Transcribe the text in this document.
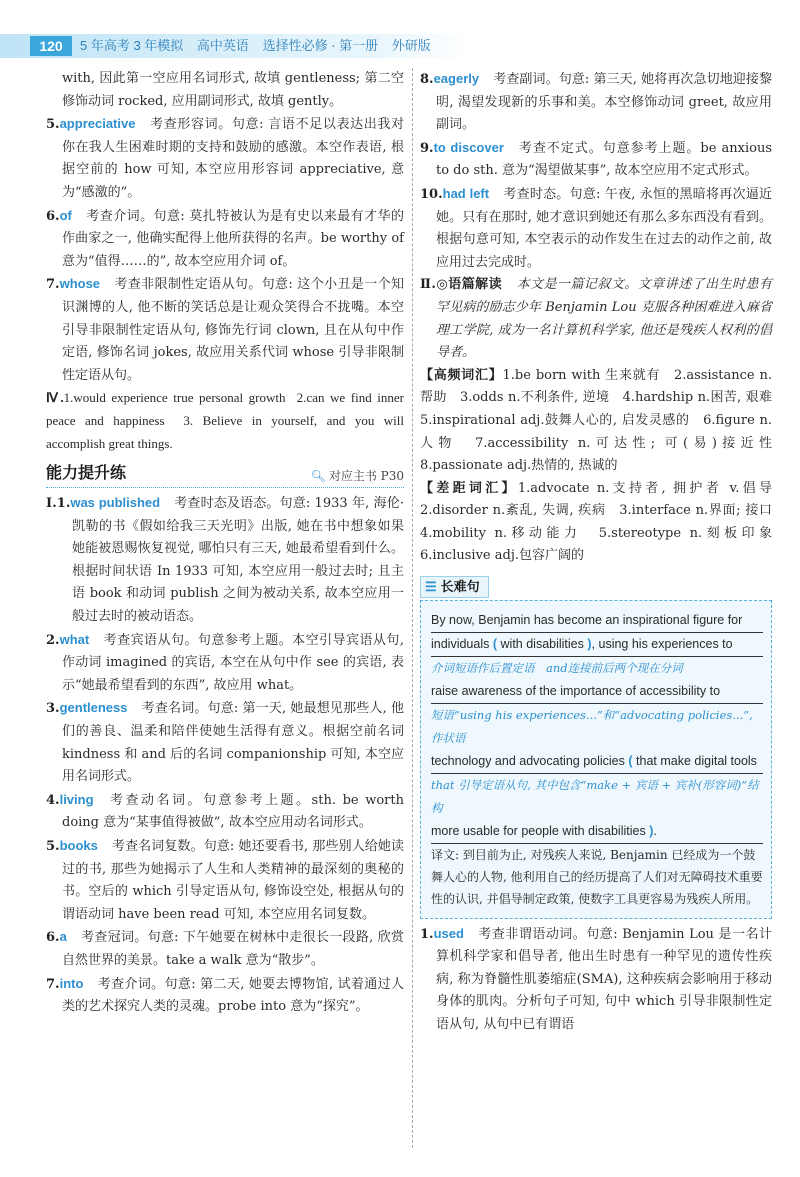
120	5 年高考 3 年模拟 高中英语 选择性必修 · 第一册 外研版

with, 因此第一空应用名词形式, 故填 gentleness; 第二空修饰动词 rocked, 应用副词形式, 故填 gently。

5.appreciative 考查形容词。句意: 言语不足以表达出我对你在我人生困难时期的支持和鼓励的感激。本空作表语, 根据空前的 how 可知, 本空应用形容词 appreciative, 意为“感激的”。

6.of 考查介词。句意: 莫扎特被认为是有史以来最有才华的作曲家之一, 他确实配得上他所获得的名声。be worthy of 意为“值得……的”, 故本空应用介词 of。

7.whose 考查非限制性定语从句。句意: 这个小丑是一个知识渊博的人, 他不断的笑话总是让观众笑得合不拢嘴。本空引导非限制性定语从句, 修饰先行词 clown, 且在从句中作定语, 修饰名词 jokes, 故应用关系代词 whose 引导非限制性定语从句。

Ⅳ.1.would experience true personal growth 2.can we find inner peace and happiness 3. Believe in yourself, and you will accomplish great things.

能力提升练	🔍︎ 对应主书 P30

Ⅰ.1.was published 考查时态及语态。句意: 1933 年, 海伦·凯勒的书《假如给我三天光明》出版, 她在书中想象如果她能被恩赐恢复视觉, 哪怕只有三天, 她最希望看到什么。根据时间状语 In 1933 可知, 本空应用一般过去时; 且主语 book 和动词 publish 之间为被动关系, 故本空应用一般过去时的被动语态。

2.what 考查宾语从句。句意参考上题。本空引导宾语从句, 作动词 imagined 的宾语, 本空在从句中作 see 的宾语, 表示“她最希望看到的东西”, 故应用 what。

3.gentleness 考查名词。句意: 第一天, 她最想见那些人, 他们的善良、温柔和陪伴使她生活得有意义。根据空前名词 kindness 和 and 后的名词 companionship 可知, 本空应用名词形式。

4.living 考查动名词。句意参考上题。sth. be worth doing 意为“某事值得被做”, 故本空应用动名词形式。

5.books 考查名词复数。句意: 她还要看书, 那些别人给她读过的书, 那些为她揭示了人生和人类精神的最深刻的奥秘的书。空后的 which 引导定语从句, 修饰设空处, 根据从句的谓语动词 have been read 可知, 本空应用名词复数。

6.a 考查冠词。句意: 下午她要在树林中走很长一段路, 欣赏自然世界的美景。take a walk 意为“散步”。

7.into 考查介词。句意: 第二天, 她要去博物馆, 试着通过人类的艺术探究人类的灵魂。probe into 意为“探究”。

8.eagerly 考查副词。句意: 第三天, 她将再次急切地迎接黎明, 渴望发现新的乐事和美。本空修饰动词 greet, 故应用副词。

9.to discover 考查不定式。句意参考上题。be anxious to do sth. 意为“渴望做某事”, 故本空应用不定式形式。

10.had left 考查时态。句意: 午夜, 永恒的黑暗将再次逼近她。只有在那时, 她才意识到她还有那么多东西没有看到。根据句意可知, 本空表示的动作发生在过去的动作之前, 故应用过去完成时。

Ⅱ.◎语篇解读 本文是一篇记叙文。文章讲述了出生时患有罕见病的励志少年 Benjamin Lou 克服各种困难进入麻省理工学院, 成为一名计算机科学家, 他还是残疾人权利的倡导者。

【高频词汇】1.be born with 生来就有　2.assistance n. 帮助　3.odds n.不利条件, 逆境　4.hardship n.困苦, 艰难　5.inspirational adj.鼓舞人心的, 启发灵感的　6.figure n.人物　7.accessibility n.可达性; 可(易)接近性　8.passionate adj.热情的, 热诚的

【差距词汇】1.advocate n.支持者, 拥护者 v.倡导　2.disorder n.紊乱, 失调, 疾病　3.interface n.界面; 接口　4.mobility n.移动能力　5.stereotype n.刻板印象　6.inclusive adj.包容广阔的

☰ 长难句
By now, Benjamin has become an inspirational figure for
individuals ( with disabilities ), using his experiences to
介词短语作后置定语　and连接前后两个现在分词
raise awareness of the importance of accessibility to
短语“using his experiences...”和“advocating policies...”, 作状语
technology and advocating policies ( that make digital tools
that 引导定语从句, 其中包含“make + 宾语 + 宾补(形容词)”结构
more usable for people with disabilities ).
译文: 到目前为止, 对残疾人来说, Benjamin 已经成为一个鼓舞人心的人物, 他利用自己的经历提高了人们对无障碍技术重要性的认识, 并倡导制定政策, 使数字工具更容易为残疾人所用。

1.used 考查非谓语动词。句意: Benjamin Lou 是一名计算机科学家和倡导者, 他出生时患有一种罕见的遗传性疾病, 称为脊髓性肌萎缩症(SMA), 这种疾病会影响用于移动身体的肌肉。分析句子可知, 句中 which 引导非限制性定语从句, 从句中已有谓语
